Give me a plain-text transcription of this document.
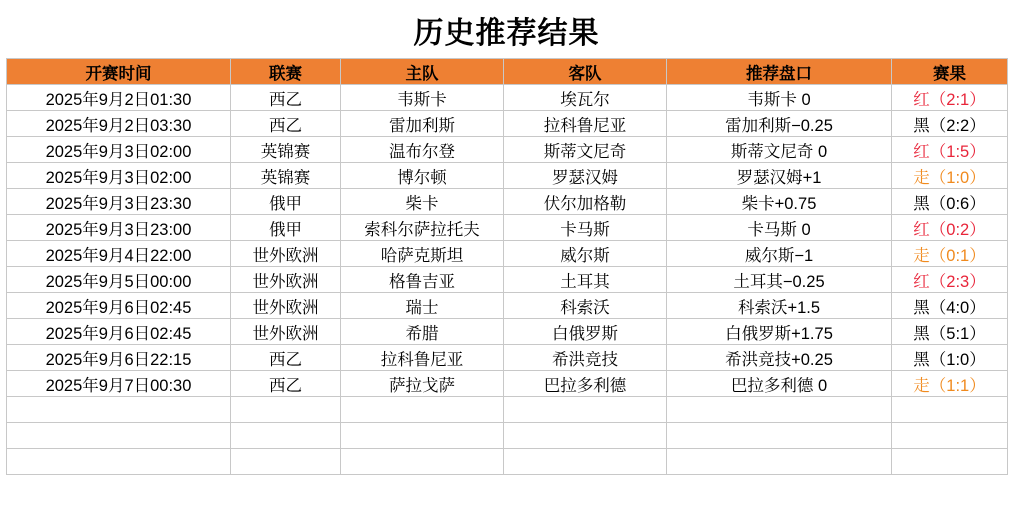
历史推荐结果
开赛时间	联赛	主队	客队	推荐盘口	赛果
2025年9月2日01:30	西乙	韦斯卡	埃瓦尔	韦斯卡 0	红（2:1）
2025年9月2日03:30	西乙	雷加利斯	拉科鲁尼亚	雷加利斯−0.25	黑（2:2）
2025年9月3日02:00	英锦赛	温布尔登	斯蒂文尼奇	斯蒂文尼奇 0	红（1:5）
2025年9月3日02:00	英锦赛	博尔顿	罗瑟汉姆	罗瑟汉姆+1	走（1:0）
2025年9月3日23:30	俄甲	柴卡	伏尔加格勒	柴卡+0.75	黑（0:6）
2025年9月3日23:00	俄甲	索科尔萨拉托夫	卡马斯	卡马斯 0	红（0:2）
2025年9月4日22:00	世外欧洲	哈萨克斯坦	威尔斯	威尔斯−1	走（0:1）
2025年9月5日00:00	世外欧洲	格鲁吉亚	土耳其	土耳其−0.25	红（2:3）
2025年9月6日02:45	世外欧洲	瑞士	科索沃	科索沃+1.5	黑（4:0）
2025年9月6日02:45	世外欧洲	希腊	白俄罗斯	白俄罗斯+1.75	黑（5:1）
2025年9月6日22:15	西乙	拉科鲁尼亚	希洪竞技	希洪竞技+0.25	黑（1:0）
2025年9月7日00:30	西乙	萨拉戈萨	巴拉多利德	巴拉多利德 0	走（1:1）
